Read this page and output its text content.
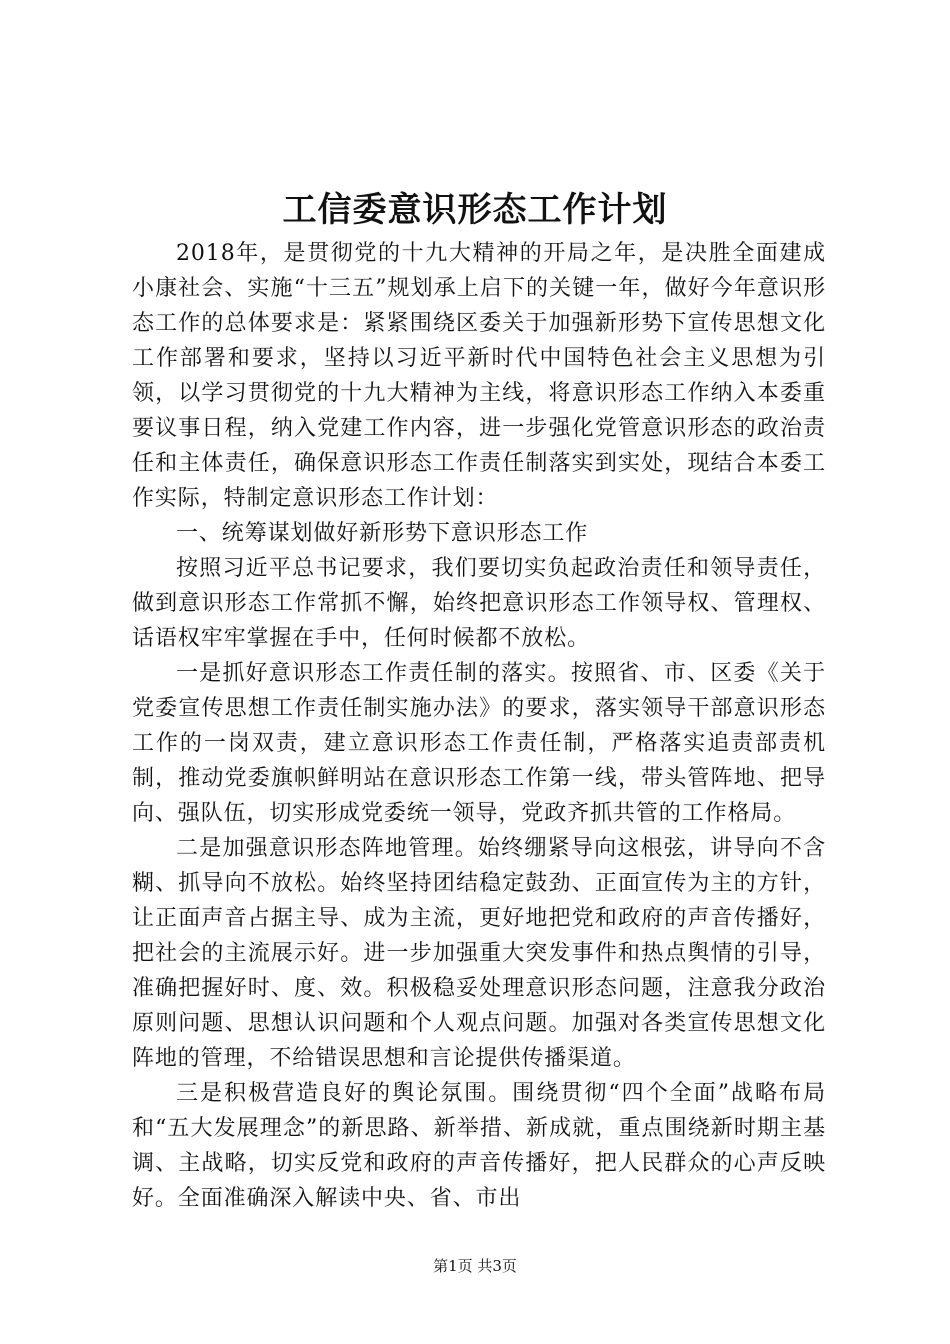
工信委意识形态工作计划

2018年，是贯彻党的十九大精神的开局之年，是决胜全面建成小康社会、实施“十三五”规划承上启下的关键一年，做好今年意识形态工作的总体要求是：紧紧围绕区委关于加强新形势下宣传思想文化工作部署和要求，坚持以习近平新时代中国特色社会主义思想为引领，以学习贯彻党的十九大精神为主线，将意识形态工作纳入本委重要议事日程，纳入党建工作内容，进一步强化党管意识形态的政治责任和主体责任，确保意识形态工作责任制落实到实处，现结合本委工作实际，特制定意识形态工作计划：

一、统筹谋划做好新形势下意识形态工作

按照习近平总书记要求，我们要切实负起政治责任和领导责任，做到意识形态工作常抓不懈，始终把意识形态工作领导权、管理权、话语权牢牢掌握在手中，任何时候都不放松。

一是抓好意识形态工作责任制的落实。按照省、市、区委《关于党委宣传思想工作责任制实施办法》的要求，落实领导干部意识形态工作的一岗双责，建立意识形态工作责任制，严格落实追责部责机制，推动党委旗帜鲜明站在意识形态工作第一线，带头管阵地、把导向、强队伍，切实形成党委统一领导，党政齐抓共管的工作格局。

二是加强意识形态阵地管理。始终绷紧导向这根弦，讲导向不含糊、抓导向不放松。始终坚持团结稳定鼓劲、正面宣传为主的方针，让正面声音占据主导、成为主流，更好地把党和政府的声音传播好，把社会的主流展示好。进一步加强重大突发事件和热点舆情的引导，准确把握好时、度、效。积极稳妥处理意识形态问题，注意我分政治原则问题、思想认识问题和个人观点问题。加强对各类宣传思想文化阵地的管理，不给错误思想和言论提供传播渠道。

三是积极营造良好的舆论氛围。围绕贯彻“四个全面”战略布局和“五大发展理念”的新思路、新举措、新成就，重点围绕新时期主基调、主战略，切实反党和政府的声音传播好，把人民群众的心声反映好。全面准确深入解读中央、省、市出

第1页 共3页
